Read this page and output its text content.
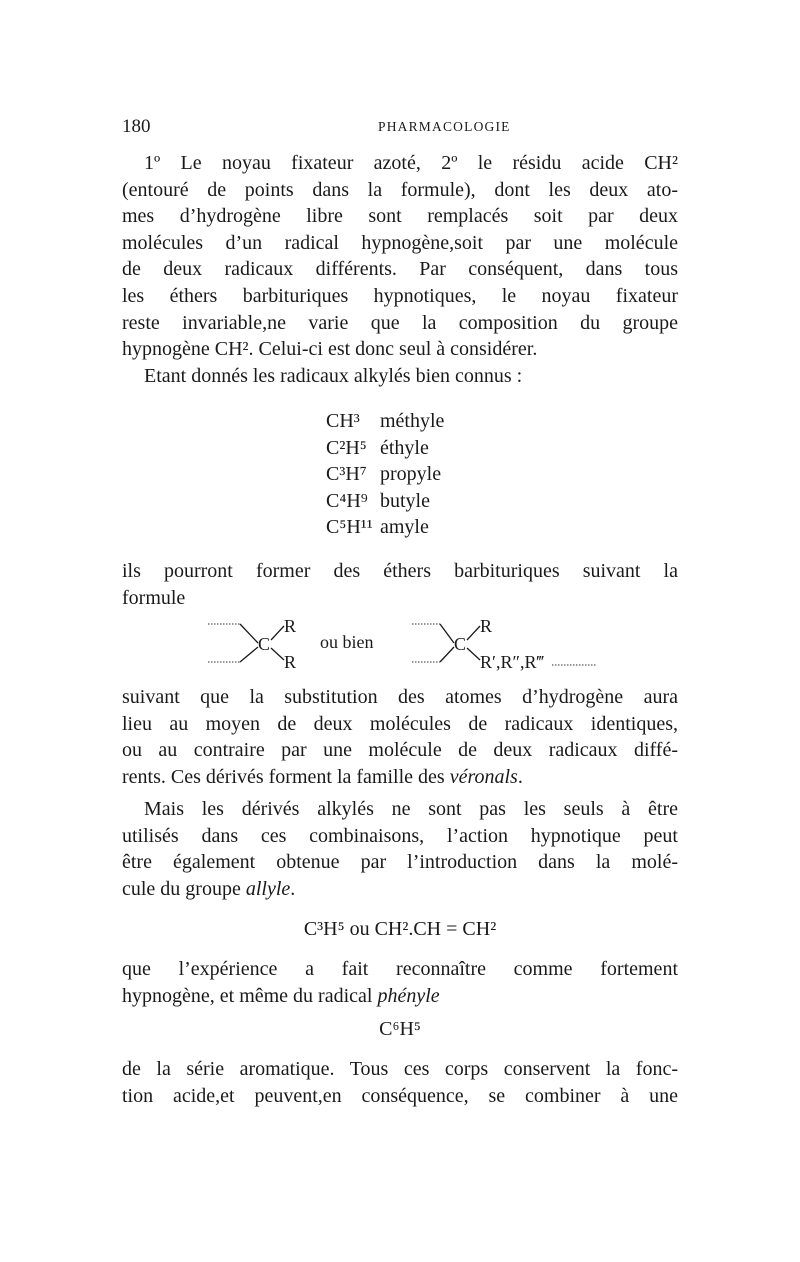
180	PHARMACOLOGIE
1º Le noyau fixateur azoté, 2º le résidu acide CH²
(entouré de points dans la formule), dont les deux ato-
mes d’hydrogène libre sont remplacés soit par deux
molécules d’un radical hypnogène,soit par une molécule
de deux radicaux différents. Par conséquent, dans tous
les éthers barbituriques hypnotiques, le noyau fixateur
reste invariable,ne varie que la composition du groupe
hypnogène CH². Celui-ci est donc seul à considérer.
Etant donnés les radicaux alkylés bien connus :
CH³ méthyle
C²H⁵ éthyle
C³H⁷ propyle
C⁴H⁹ butyle
C⁵H¹¹ amyle
ils pourront former des éthers barbituriques suivant la
formule
C
R
R
ou bien	C
R
R′,R″,R‴
suivant que la substitution des atomes d’hydrogène aura
lieu au moyen de deux molécules de radicaux identiques,
ou au contraire par une molécule de deux radicaux diffé-
rents. Ces dérivés forment la famille des véronals.
Mais les dérivés alkylés ne sont pas les seuls à être
utilisés dans ces combinaisons, l’action hypnotique peut
être également obtenue par l’introduction dans la molé-
cule du groupe allyle.
C³H⁵ ou CH².CH = CH²
que l’expérience a fait reconnaître comme fortement
hypnogène, et même du radical phényle
C⁶H⁵
de la série aromatique. Tous ces corps conservent la fonc-
tion acide,et peuvent,en conséquence, se combiner à une
